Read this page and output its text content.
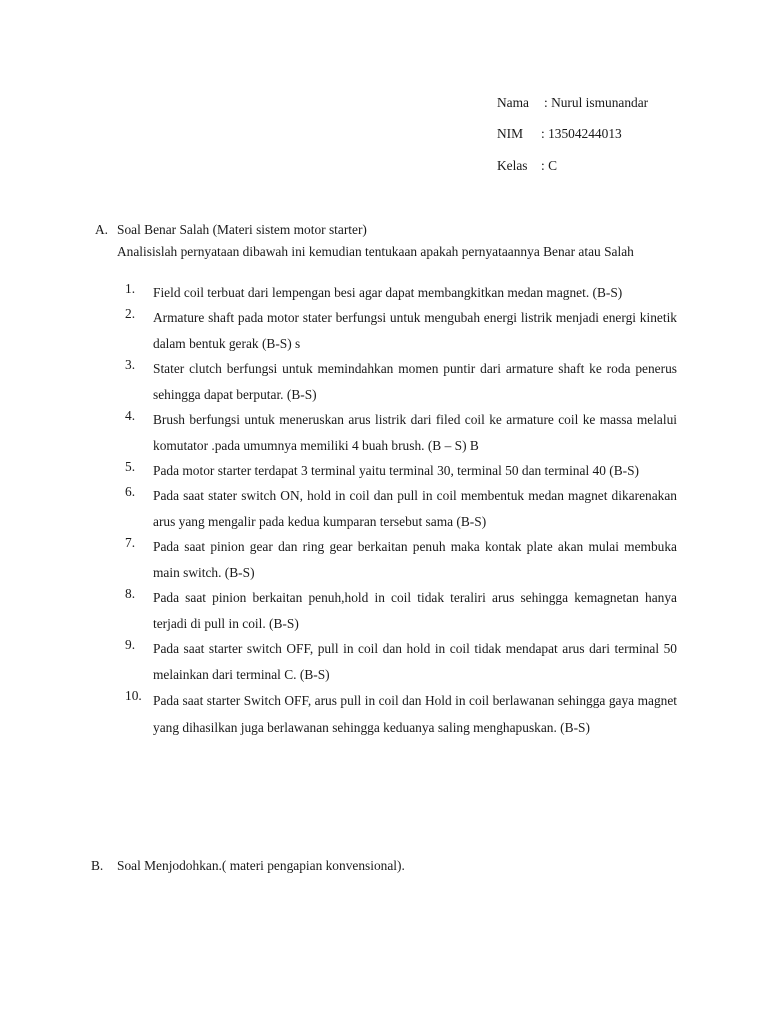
Nama : Nurul ismunandar
NIM : 13504244013
Kelas : C
A. Soal Benar Salah (Materi sistem motor starter)

Analisislah pernyataan dibawah ini kemudian tentukaan apakah pernyataannya Benar atau Salah

1. Field coil terbuat dari lempengan besi agar dapat membangkitkan medan magnet. (B-S)
2. Armature shaft pada motor stater berfungsi untuk mengubah energi listrik menjadi energi kinetik dalam bentuk gerak (B-S) s
3. Stater clutch berfungsi untuk memindahkan momen puntir dari armature shaft ke roda penerus sehingga dapat berputar. (B-S)
4. Brush berfungsi untuk meneruskan arus listrik dari filed coil ke armature coil ke massa melalui komutator .pada umumnya memiliki 4 buah brush. (B – S) B
5. Pada motor starter terdapat 3 terminal yaitu terminal 30, terminal 50 dan terminal 40 (B-S)
6. Pada saat stater switch ON, hold in coil dan pull in coil membentuk medan magnet dikarenakan arus yang mengalir pada kedua kumparan tersebut sama (B-S)
7. Pada saat pinion gear dan ring gear berkaitan penuh maka kontak plate akan mulai membuka main switch. (B-S)
8. Pada saat pinion berkaitan penuh,hold in coil tidak teraliri arus sehingga kemagnetan hanya terjadi di pull in coil. (B-S)
9. Pada saat starter switch OFF, pull in coil dan hold in coil tidak mendapat arus dari terminal 50 melainkan dari terminal C. (B-S)
10. Pada saat starter Switch OFF, arus pull in coil dan Hold in coil berlawanan sehingga gaya magnet yang dihasilkan juga berlawanan sehingga keduanya saling menghapuskan. (B-S)
B. Soal Menjodohkan.( materi pengapian konvensional).
